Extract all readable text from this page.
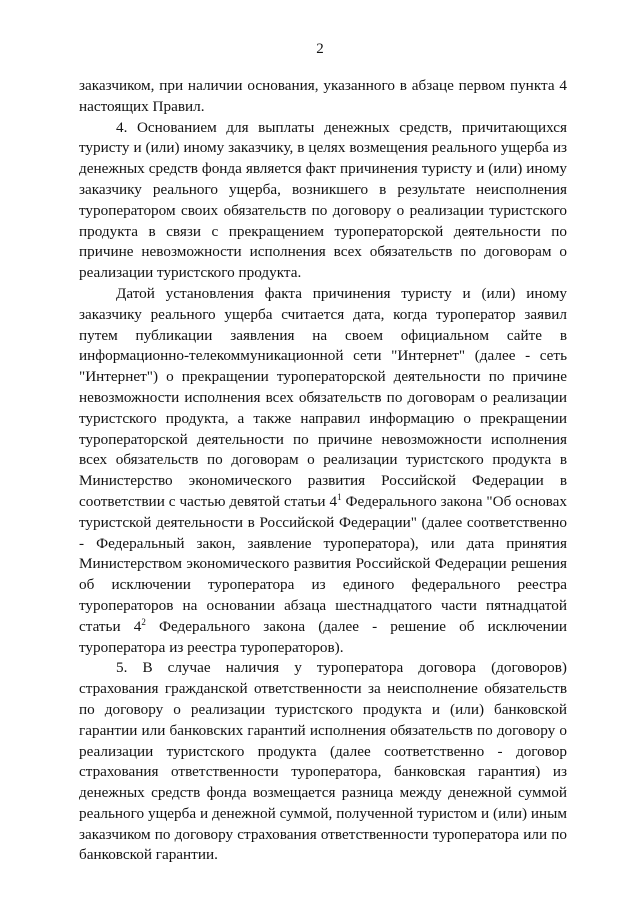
2

заказчиком, при наличии основания, указанного в абзаце первом пункта 4 настоящих Правил.

4. Основанием для выплаты денежных средств, причитающихся туристу и (или) иному заказчику, в целях возмещения реального ущерба из денежных средств фонда является факт причинения туристу и (или) иному заказчику реального ущерба, возникшего в результате неисполнения туроператором своих обязательств по договору о реализации туристского продукта в связи с прекращением туроператорской деятельности по причине невозможности исполнения всех обязательств по договорам о реализации туристского продукта.

Датой установления факта причинения туристу и (или) иному заказчику реального ущерба считается дата, когда туроператор заявил путем публикации заявления на своем официальном сайте в информационно-телекоммуникационной сети "Интернет" (далее - сеть "Интернет") о прекращении туроператорской деятельности по причине невозможности исполнения всех обязательств по договорам о реализации туристского продукта, а также направил информацию о прекращении туроператорской деятельности по причине невозможности исполнения всех обязательств по договорам о реализации туристского продукта в Министерство экономического развития Российской Федерации в соответствии с частью девятой статьи $4^1$ Федерального закона "Об основах туристской деятельности в Российской Федерации" (далее соответственно - Федеральный закон, заявление туроператора), или дата принятия Министерством экономического развития Российской Федерации решения об исключении туроператора из единого федерального реестра туроператоров на основании абзаца шестнадцатого части пятнадцатой статьи $4^2$ Федерального закона (далее - решение об исключении туроператора из реестра туроператоров).

5. В случае наличия у туроператора договора (договоров) страхования гражданской ответственности за неисполнение обязательств по договору о реализации туристского продукта и (или) банковской гарантии или банковских гарантий исполнения обязательств по договору о реализации туристского продукта (далее соответственно - договор страхования ответственности туроператора, банковская гарантия) из денежных средств фонда возмещается разница между денежной суммой реального ущерба и денежной суммой, полученной туристом и (или) иным заказчиком по договору страхования ответственности туроператора или по банковской гарантии.
